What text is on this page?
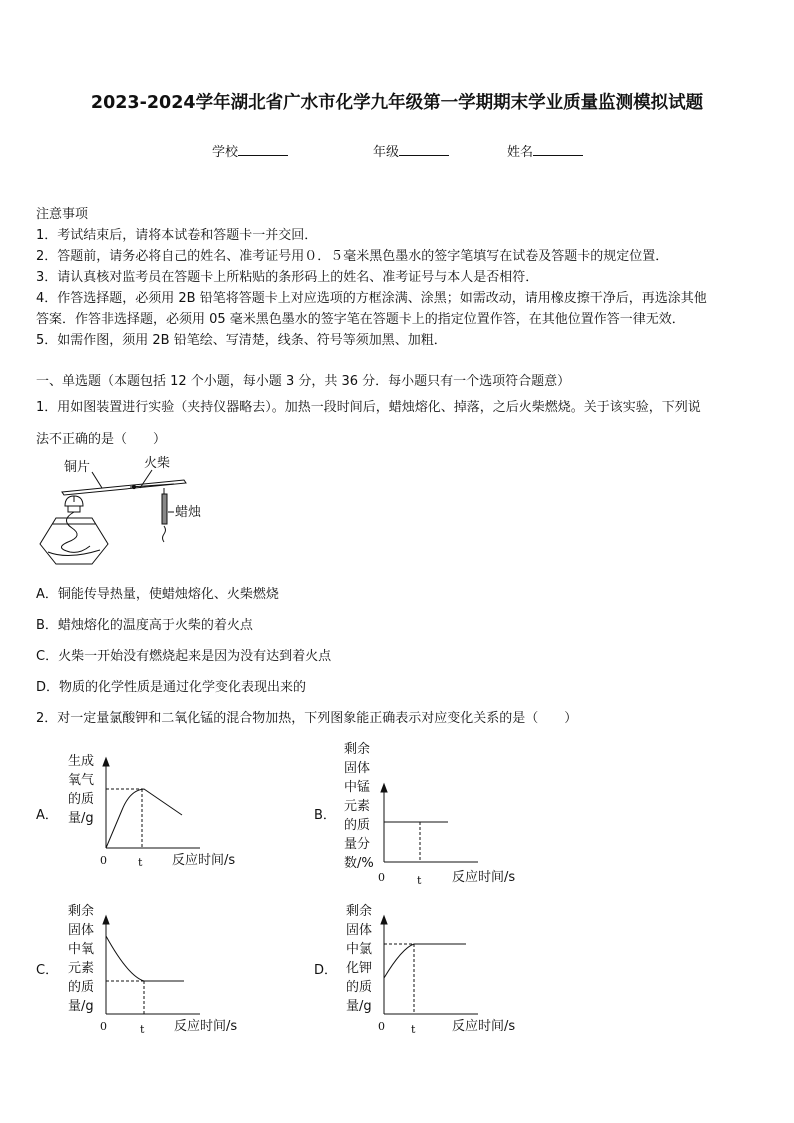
2023-2024学年湖北省广水市化学九年级第一学期期末学业质量监测模拟试题
学校	年级	姓名
注意事项
1．考试结束后，请将本试卷和答题卡一并交回．
2．答题前，请务必将自己的姓名、准考证号用０．５毫米黑色墨水的签字笔填写在试卷及答题卡的规定位置．
3．请认真核对监考员在答题卡上所粘贴的条形码上的姓名、准考证号与本人是否相符．
4．作答选择题，必须用 2B 铅笔将答题卡上对应选项的方框涂满、涂黑；如需改动，请用橡皮擦干净后，再选涂其他
答案．作答非选择题，必须用 05 毫米黑色墨水的签字笔在答题卡上的指定位置作答，在其他位置作答一律无效．
5．如需作图，须用 2B 铅笔绘、写清楚，线条、符号等须加黑、加粗．
一、单选题（本题包括 12 个小题，每小题 3 分，共 36 分．每小题只有一个选项符合题意）
1．用如图装置进行实验（夹持仪器略去）。加热一段时间后，蜡烛熔化、掉落，之后火柴燃烧。关于该实验，下列说
法不正确的是（　　）
铜片	火柴
蜡烛
A．铜能传导热量，使蜡烛熔化、火柴燃烧
B．蜡烛熔化的温度高于火柴的着火点
C．火柴一开始没有燃烧起来是因为没有达到着火点
D．物质的化学性质是通过化学变化表现出来的
2．对一定量氯酸钾和二氧化锰的混合物加热，下列图象能正确表示对应变化关系的是（　　）
A．
生成
氧气
的质
量/g
0	t 反应时间/s
B．
剩余
固体
中锰
元素
的质
量分
数/%
0	t 反应时间/s
C．
剩余
固体
中氧
元素
的质
量/g
0	t 反应时间/s
D．
剩余
固体
中氯
化钾
的质
量/g
0 t	反应时间/s
